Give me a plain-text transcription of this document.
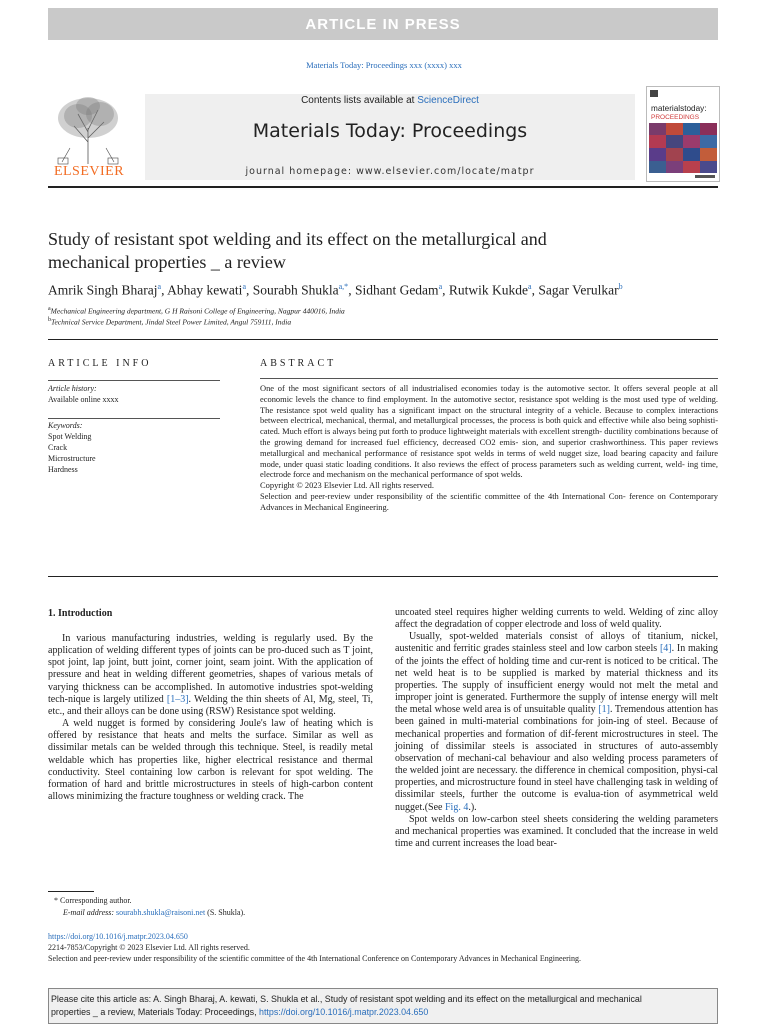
ARTICLE IN PRESS
Materials Today: Proceedings xxx (xxxx) xxx
ELSEVIER
Contents lists available at ScienceDirect
Materials Today: Proceedings
journal homepage: www.elsevier.com/locate/matpr
materialstoday:
PROCEEDINGS
Study of resistant spot welding and its effect on the metallurgical and
mechanical properties _ a review
Amrik Singh Bharaj$^a$, Abhay kewati$^a$, Sourabh Shukla$^{a,*}$, Sidhant Gedam$^a$, Rutwik Kukde$^a$, Sagar Verulkar$^b$
$^a$Mechanical Engineering department, G H Raisoni College of Engineering, Nagpur 440016, India
$^b$Technical Service Department, Jindal Steel Power Limited, Angul 759111, India
ARTICLE INFO	ABSTRACT
Article history:
Available online xxxx
Keywords:
Spot Welding
Crack
Microstructure
Hardness

One of the most significant sectors of all industrialised economies today is the automotive sector. It offers several people at all economic levels the chance to find employment. In the automotive sector, resistance spot welding is the most used type of welding. The resistance spot weld quality has a significant impact on the structural integrity of a vehicle. Because to complex interactions between electrical, mechanical, thermal, and metallurgical processes, the process is both quick and effective while also being sophisti- cated. Much effort is always being put forth to produce lightweight materials with excellent strength- ductility combinations because of the growing demand for increased fuel efficiency, decreased CO2 emis- sion, and superior crashworthiness. This paper reviews metallurgical and mechanical performance of resistance spot welds in terms of weld nugget size, load bearing capacity and failure mode, under quasi static loading conditions. It also reviews the effect of process parameters such as welding current, weld- ing time, electrode force and mechanism on the mechanical performance of spot welds.

Copyright © 2023 Elsevier Ltd. All rights reserved.

Selection and peer-review under responsibility of the scientific committee of the 4th International Con- ference on Contemporary Advances in Mechanical Engineering.

1. Introduction

In various manufacturing industries, welding is regularly used. By the application of welding different types of joints can be pro-duced such as T joint, spot joint, lap joint, butt joint, corner joint, seam joint. With the application of pressure and heat in welding different geometries, shapes of various metals of varying thickness can be accomplished. In automotive industries spot-welding tech-nique is largely utilized [1–3]. Welding the thin sheets of Al, Mg, steel, Ti, etc., and their alloys can be done using (RSW) Resistance spot welding.

A weld nugget is formed by considering Joule's law of heating which is offered by resistance that heats and melts the surface. Similar as well as dissimilar metals can be welded through this technique. Steel, is readily metal weldable which has properties like, higher electrical resistance and thermal conductivity. Steel containing low carbon is relevant for spot welding. The formation of hard and brittle microstructures in steels of high-carbon content allows minimizing the fracture toughness or welding crack. The

uncoated steel requires higher welding currents to weld. Welding of zinc alloy affect the degradation of copper electrode and loss of weld quality.

Usually, spot-welded materials consist of alloys of titanium, nickel, austenitic and ferritic grades stainless steel and low carbon steels [4]. In making of the joints the effect of holding time and cur-rent is noticed to be critical. The net weld heat is to be supplied is marked by material thickness and its properties. The supply of insufficient energy would not melt the metal and improper joint is generated. Furthermore the supply of intense energy will melt the metal whose weld area is of unsuitable quality [1]. Tremendous attention has been gained in multi-material combinations for join-ing of steel. Because of mechanical properties and formation of dif-ferent microstructures in steel. The joining of dissimilar steels is associated in structures of auto-assembly observation of mechani-cal behaviour and also welding process parameters of the welded joint are necessary. the difference in chemical composition, physi-cal properties, and microstructure found in steel have challenging task in welding of dissimilar steels, further the outcome is evalua-tion of asymmetrical weld nugget.(See Fig. 4.).

Spot welds on low-carbon steel sheets considering the welding parameters and mechanical properties was examined. It concluded that the increase in weld time and current increases the load bear-

* Corresponding author.
E-mail address: sourabh.shukla@raisoni.net (S. Shukla).
https://doi.org/10.1016/j.matpr.2023.04.650
2214-7853/Copyright © 2023 Elsevier Ltd. All rights reserved.
Selection and peer-review under responsibility of the scientific committee of the 4th International Conference on Contemporary Advances in Mechanical Engineering.
Please cite this article as: A. Singh Bharaj, A. kewati, S. Shukla et al., Study of resistant spot welding and its effect on the metallurgical and mechanical
properties _ a review, Materials Today: Proceedings, https://doi.org/10.1016/j.matpr.2023.04.650
